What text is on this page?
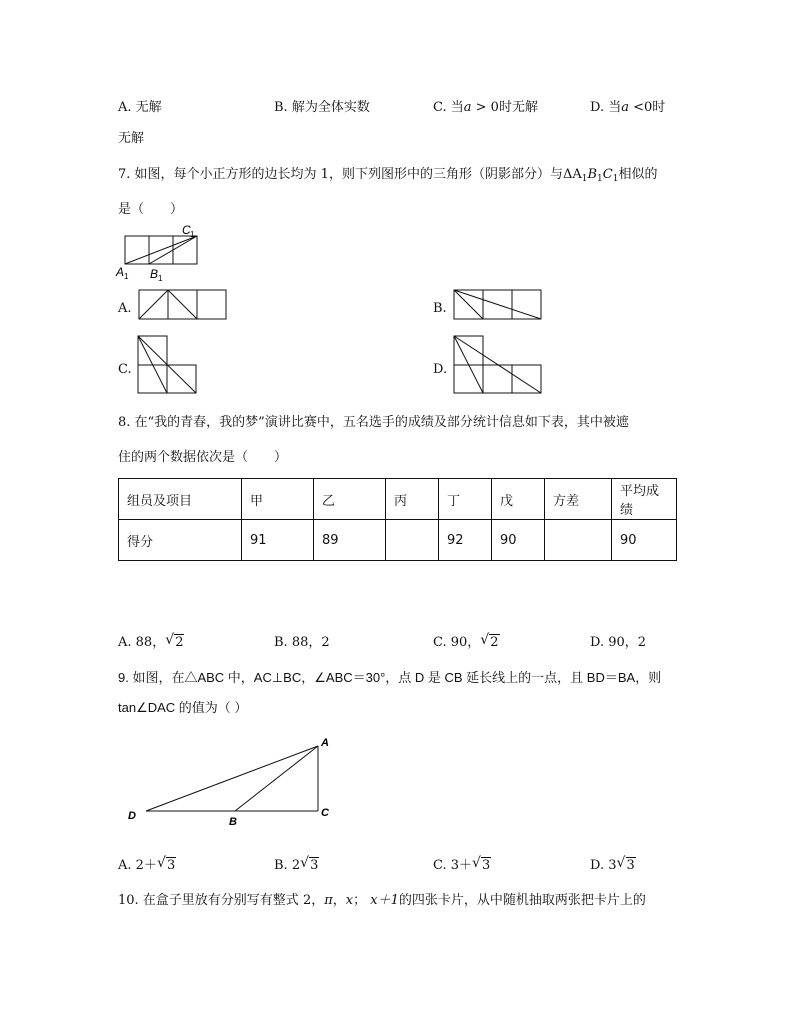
A. 无解	B. 解为全体实数	C. 当a > 0时无解	D. 当a <0时
无解
7. 如图，每个小正方形的边长均为 1，则下列图形中的三角形（阴影部分）与$\Delta A_1B_1C_1$相似的
是（　　）
A 1 B 1
C 1
A.	B.
C.	D.
8. 在“我的青春，我的梦”演讲比赛中，五名选手的成绩及部分统计信息如下表，其中被遮
住的两个数据依次是（　　）
组员及项目	甲	乙	丙	丁	戊	方差	平均成绩
得分	91	89		92	90		90
A. 88， √ 2	B. 88，2	C. 90， √ 2	D. 90，2
9. 如图，在△ABC 中，AC⊥BC，∠ABC＝30°，点 D 是 CB 延长线上的一点，且 BD＝BA，则
tan∠DAC 的值为（ ）
A
B
C
D
A. 2＋ √ 3	B. 2 √ 3	C. 3＋ √ 3	D. 3 √ 3
10. 在盒子里放有分别写有整式 2，π，x； x＋1的四张卡片，从中随机抽取两张把卡片上的
